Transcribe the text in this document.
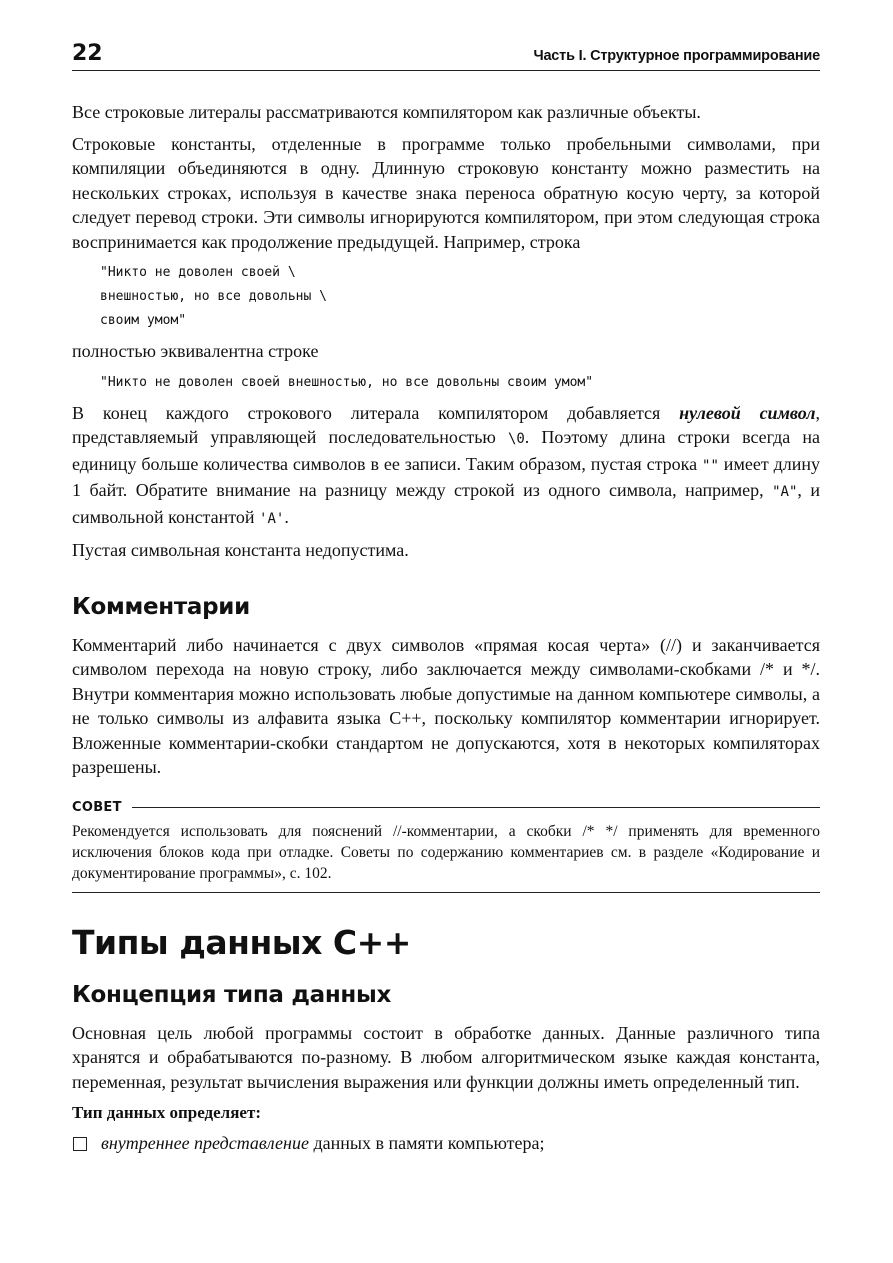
22	Часть I. Структурное программирование

Все строковые литералы рассматриваются компилятором как различные объекты.

Строковые константы, отделенные в программе только пробельными символами, при компиляции объединяются в одну. Длинную строковую константу можно разместить на нескольких строках, используя в качестве знака переноса обратную косую черту, за которой следует перевод строки. Эти символы игнорируются компилятором, при этом следующая строка воспринимается как продолжение предыдущей. Например, строка

"Никто не доволен своей \
внешностью, но все довольны \
своим умом"

полностью эквивалентна строке

"Никто не доволен своей внешностью, но все довольны своим умом"

В конец каждого строкового литерала компилятором добавляется нулевой символ, представляемый управляющей последовательностью \0. Поэтому длина строки всегда на единицу больше количества символов в ее записи. Таким образом, пустая строка "" имеет длину 1 байт. Обратите внимание на разницу между строкой из одного символа, например, "A", и символьной константой 'A'.

Пустая символьная константа недопустима.

Комментарии

Комментарий либо начинается с двух символов «прямая косая черта» (//) и заканчивается символом перехода на новую строку, либо заключается между символами-скобками /* и */. Внутри комментария можно использовать любые допустимые на данном компьютере символы, а не только символы из алфавита языка С++, поскольку компилятор комментарии игнорирует. Вложенные комментарии-скобки стандартом не допускаются, хотя в некоторых компиляторах разрешены.

СОВЕТ

Рекомендуется использовать для пояснений //-комментарии, а скобки /* */ применять для временного исключения блоков кода при отладке. Советы по содержанию комментариев см. в разделе «Кодирование и документирование программы», с. 102.

Типы данных С++
Концепция типа данных

Основная цель любой программы состоит в обработке данных. Данные различного типа хранятся и обрабатываются по-разному. В любом алгоритмическом языке каждая константа, переменная, результат вычисления выражения или функции должны иметь определенный тип.

Тип данных определяет:
внутреннее представление данных в памяти компьютера;
